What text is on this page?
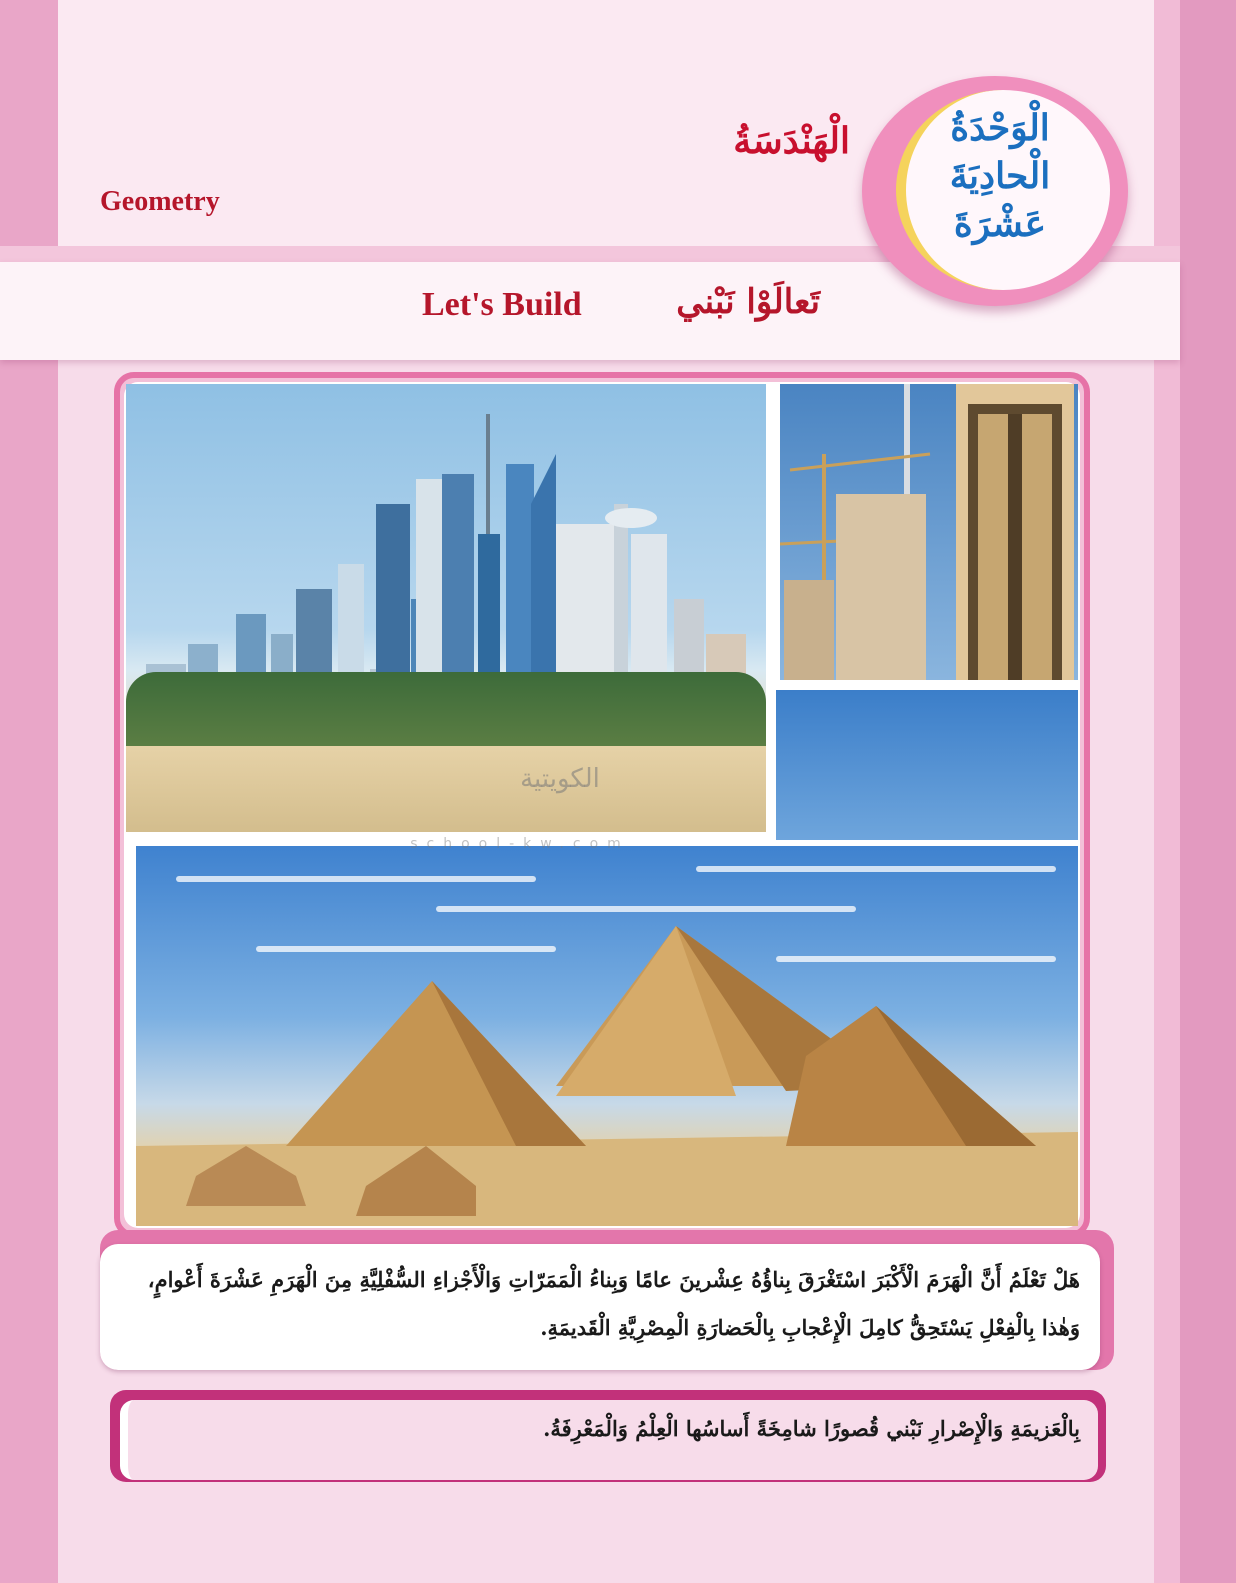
الْهَنْدَسَةُ
Geometry
تَعالَوْا نَبْني
Let's Build
الْوَحْدَةُ
الْحادِيَةَ
عَشْرَةَ
الكويتية
school-kw.com
هَلْ تَعْلَمُ أَنَّ الْهَرَمَ الْأَكْبَرَ اسْتَغْرَقَ بِناؤُهُ عِشْرينَ عامًا وَبِناءُ الْمَمَرّاتِ وَالْأَجْزاءِ السُّفْلِيَّةِ مِنَ الْهَرَمِ عَشْرَةَ أَعْوامٍ، وَهٰذا بِالْفِعْلِ يَسْتَحِقُّ كامِلَ الْإِعْجابِ بِالْحَضارَةِ الْمِصْرِيَّةِ الْقَديمَةِ.
بِالْعَزيمَةِ وَالْإِصْرارِ نَبْني قُصورًا شامِخَةً أَساسُها الْعِلْمُ وَالْمَعْرِفَةُ.
